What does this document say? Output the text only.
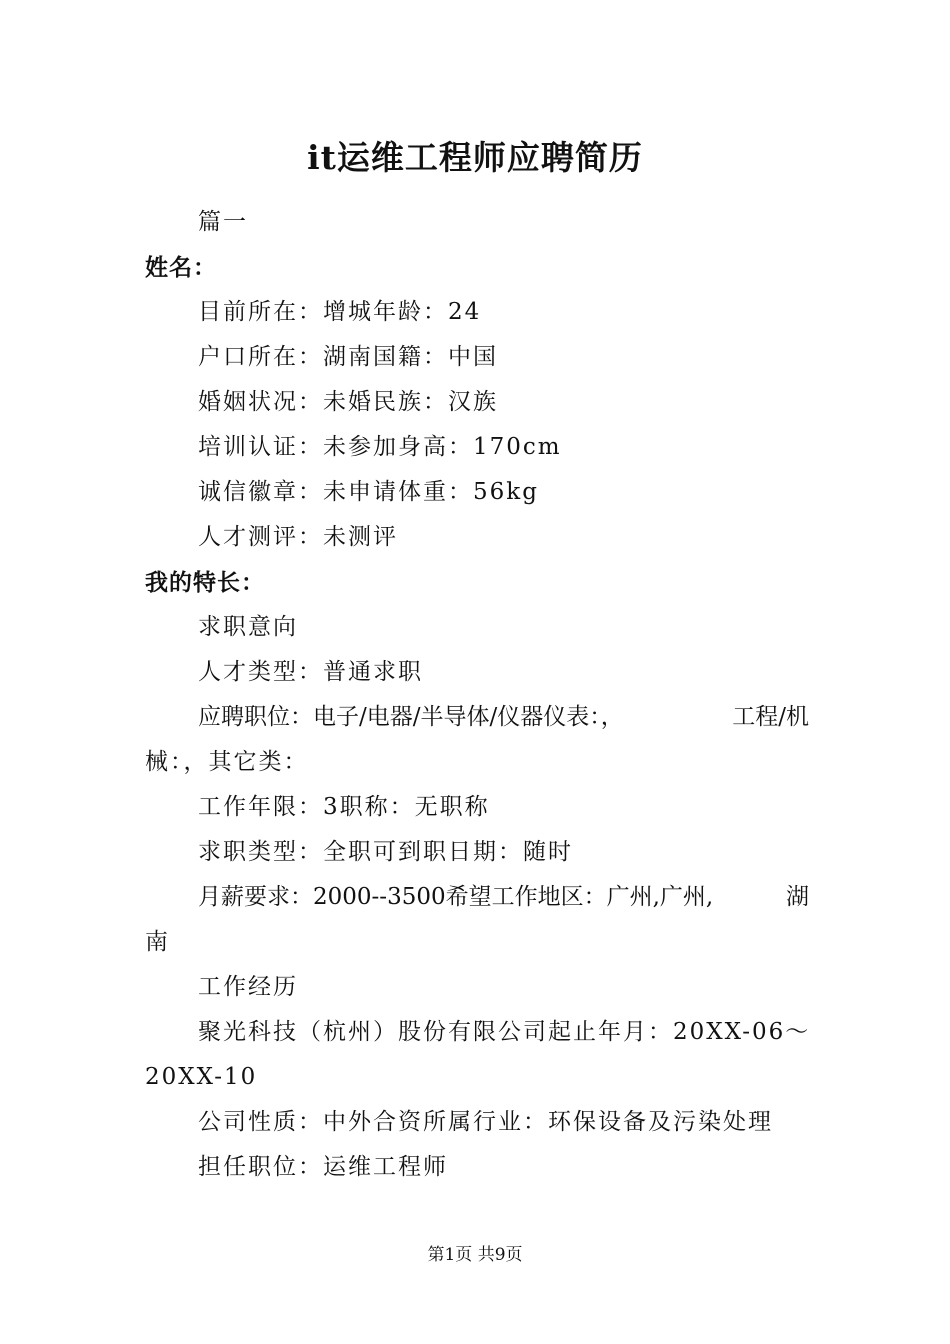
it运维工程师应聘简历
篇一
姓名：
目前所在：增城年龄：24
户口所在：湖南国籍：中国
婚姻状况：未婚民族：汉族
培训认证：未参加身高：170cm
诚信徽章：未申请体重：56kg
人才测评：未测评
我的特长：
求职意向
人才类型：普通求职
应聘职位：电子/电器/半导体/仪器仪表：，	工程/机
械：，其它类：
工作年限：3职称：无职称
求职类型：全职可到职日期：随时
月薪要求：2000--3500希望工作地区：广州,广州,	湖
南
工作经历
聚光科技（杭州）股份有限公司起止年月：20XX-06～
20XX-10
公司性质：中外合资所属行业：环保设备及污染处理
担任职位：运维工程师
第1页 共9页
